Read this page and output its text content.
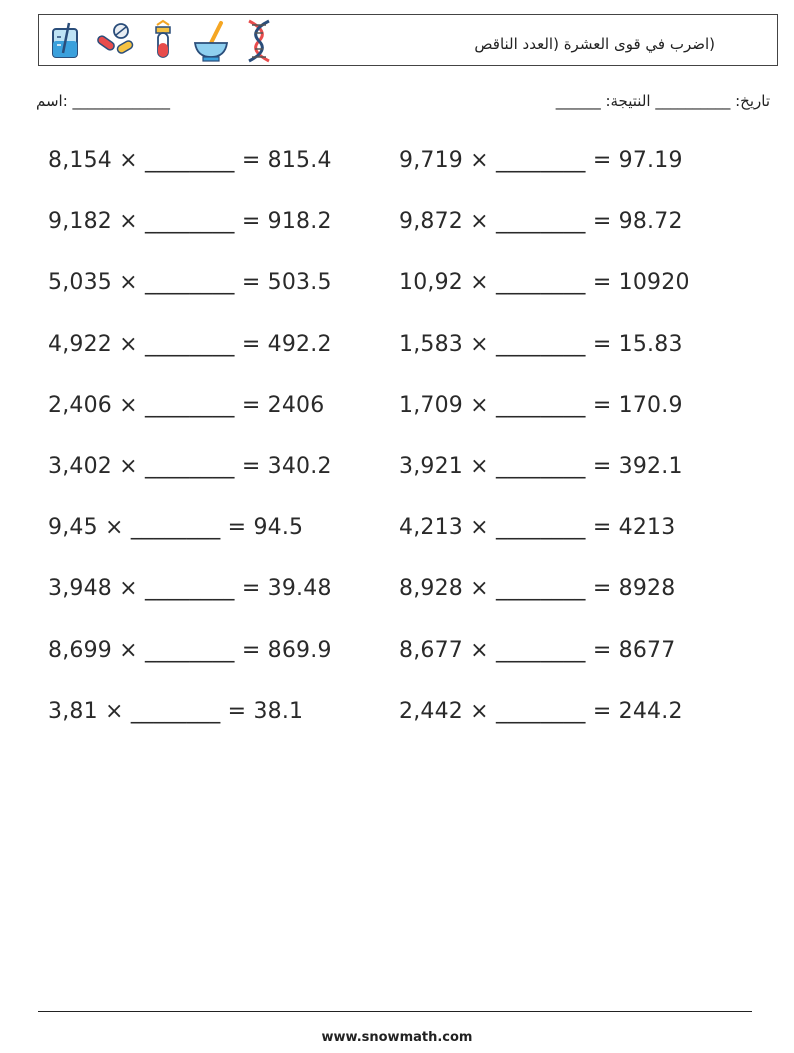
(اضرب في قوى العشرة (العدد الناقص
اسم: _____________	______ :تاريخ: __________ النتيجة
8,154 × ________ = 815.4	9,719 × ________ = 97.19
9,182 × ________ = 918.2	9,872 × ________ = 98.72
5,035 × ________ = 503.5	10,92 × ________ = 10920
4,922 × ________ = 492.2	1,583 × ________ = 15.83
2,406 × ________ = 2406	1,709 × ________ = 170.9
3,402 × ________ = 340.2	3,921 × ________ = 392.1
9,45 × ________ = 94.5	4,213 × ________ = 4213
3,948 × ________ = 39.48	8,928 × ________ = 8928
8,699 × ________ = 869.9	8,677 × ________ = 8677
3,81 × ________ = 38.1	2,442 × ________ = 244.2
www.snowmath.com
